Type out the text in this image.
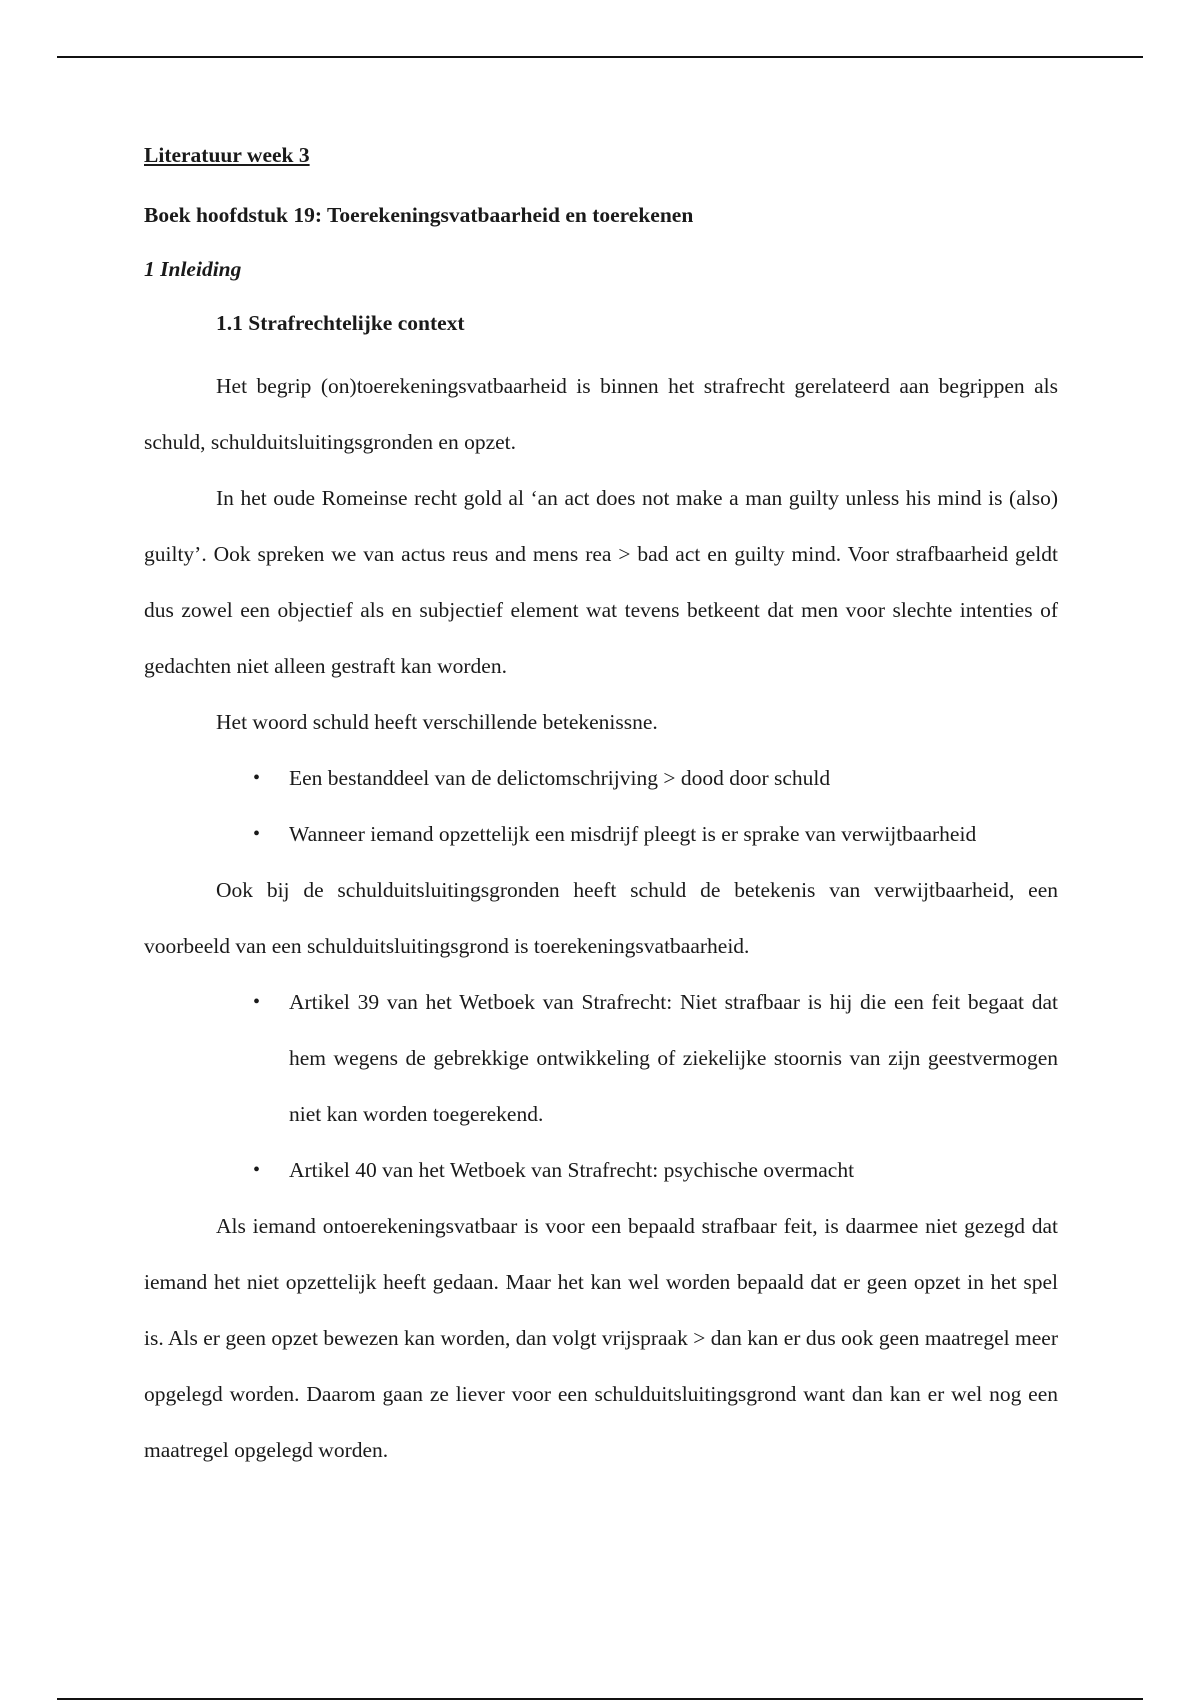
Literatuur week 3
Boek hoofdstuk 19: Toerekeningsvatbaarheid en toerekenen
1 Inleiding
1.1 Strafrechtelijke context

Het begrip (on)toerekeningsvatbaarheid is binnen het strafrecht gerelateerd aan begrippen als schuld, schulduitsluitingsgronden en opzet.

In het oude Romeinse recht gold al ‘an act does not make a man guilty unless his mind is (also) guilty’. Ook spreken we van actus reus and mens rea > bad act en guilty mind. Voor strafbaarheid geldt dus zowel een objectief als en subjectief element wat tevens betkeent dat men voor slechte intenties of gedachten niet alleen gestraft kan worden.

Het woord schuld heeft verschillende betekenissne.

• Een bestanddeel van de delictomschrijving > dood door schuld
• Wanneer iemand opzettelijk een misdrijf pleegt is er sprake van verwijtbaarheid

Ook bij de schulduitsluitingsgronden heeft schuld de betekenis van verwijtbaarheid, een voorbeeld van een schulduitsluitingsgrond is toerekeningsvatbaarheid.

• Artikel 39 van het Wetboek van Strafrecht: Niet strafbaar is hij die een feit begaat dat hem wegens de gebrekkige ontwikkeling of ziekelijke stoornis van zijn geestvermogen niet kan worden toegerekend.
• Artikel 40 van het Wetboek van Strafrecht: psychische overmacht

Als iemand ontoerekeningsvatbaar is voor een bepaald strafbaar feit, is daarmee niet gezegd dat iemand het niet opzettelijk heeft gedaan. Maar het kan wel worden bepaald dat er geen opzet in het spel is. Als er geen opzet bewezen kan worden, dan volgt vrijspraak > dan kan er dus ook geen maatregel meer opgelegd worden. Daarom gaan ze liever voor een schulduitsluitingsgrond want dan kan er wel nog een maatregel opgelegd worden.
